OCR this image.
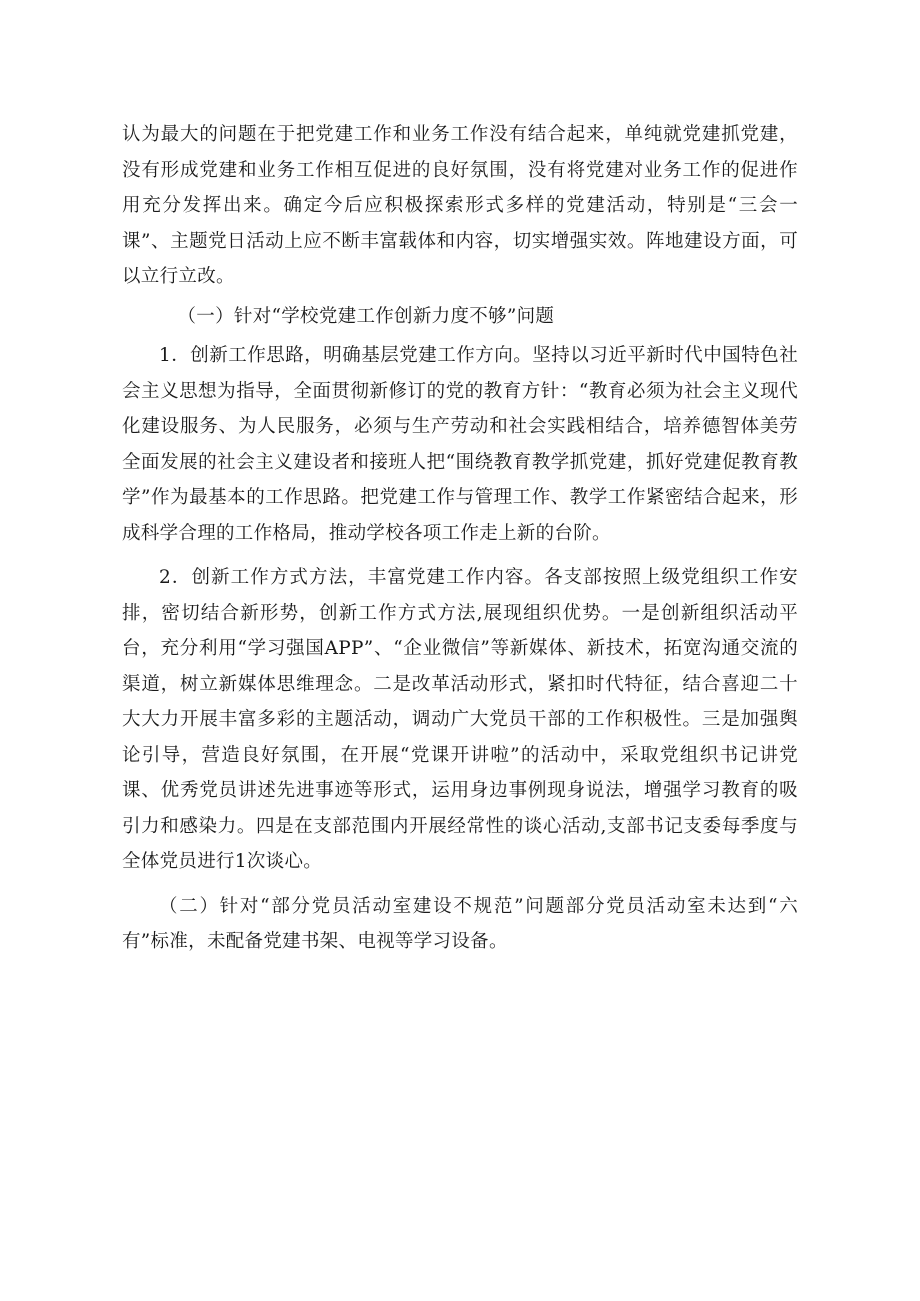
认为最大的问题在于把党建工作和业务工作没有结合起来，单纯就党建抓党建，没有形成党建和业务工作相互促进的良好氛围，没有将党建对业务工作的促进作用充分发挥出来。确定今后应积极探索形式多样的党建活动，特别是“三会一课”、主题党日活动上应不断丰富载体和内容，切实增强实效。阵地建设方面，可以立行立改。

（一）针对“学校党建工作创新力度不够”问题

1．创新工作思路，明确基层党建工作方向。坚持以习近平新时代中国特色社会主义思想为指导，全面贯彻新修订的党的教育方针：“教育必须为社会主义现代化建设服务、为人民服务，必须与生产劳动和社会实践相结合，培养德智体美劳全面发展的社会主义建设者和接班人把“围绕教育教学抓党建，抓好党建促教育教学”作为最基本的工作思路。把党建工作与管理工作、教学工作紧密结合起来，形成科学合理的工作格局，推动学校各项工作走上新的台阶。

2．创新工作方式方法，丰富党建工作内容。各支部按照上级党组织工作安排，密切结合新形势，创新工作方式方法,展现组织优势。一是创新组织活动平台，充分利用“学习强国APP”、“企业微信”等新媒体、新技术，拓宽沟通交流的渠道，树立新媒体思维理念。二是改革活动形式，紧扣时代特征，结合喜迎二十大大力开展丰富多彩的主题活动，调动广大党员干部的工作积极性。三是加强舆论引导，营造良好氛围，在开展“党课开讲啦”的活动中，采取党组织书记讲党课、优秀党员讲述先进事迹等形式，运用身边事例现身说法，增强学习教育的吸引力和感染力。四是在支部范围内开展经常性的谈心活动,支部书记支委每季度与全体党员进行1次谈心。

（二）针对“部分党员活动室建设不规范”问题部分党员活动室未达到“六有”标准，未配备党建书架、电视等学习设备。
